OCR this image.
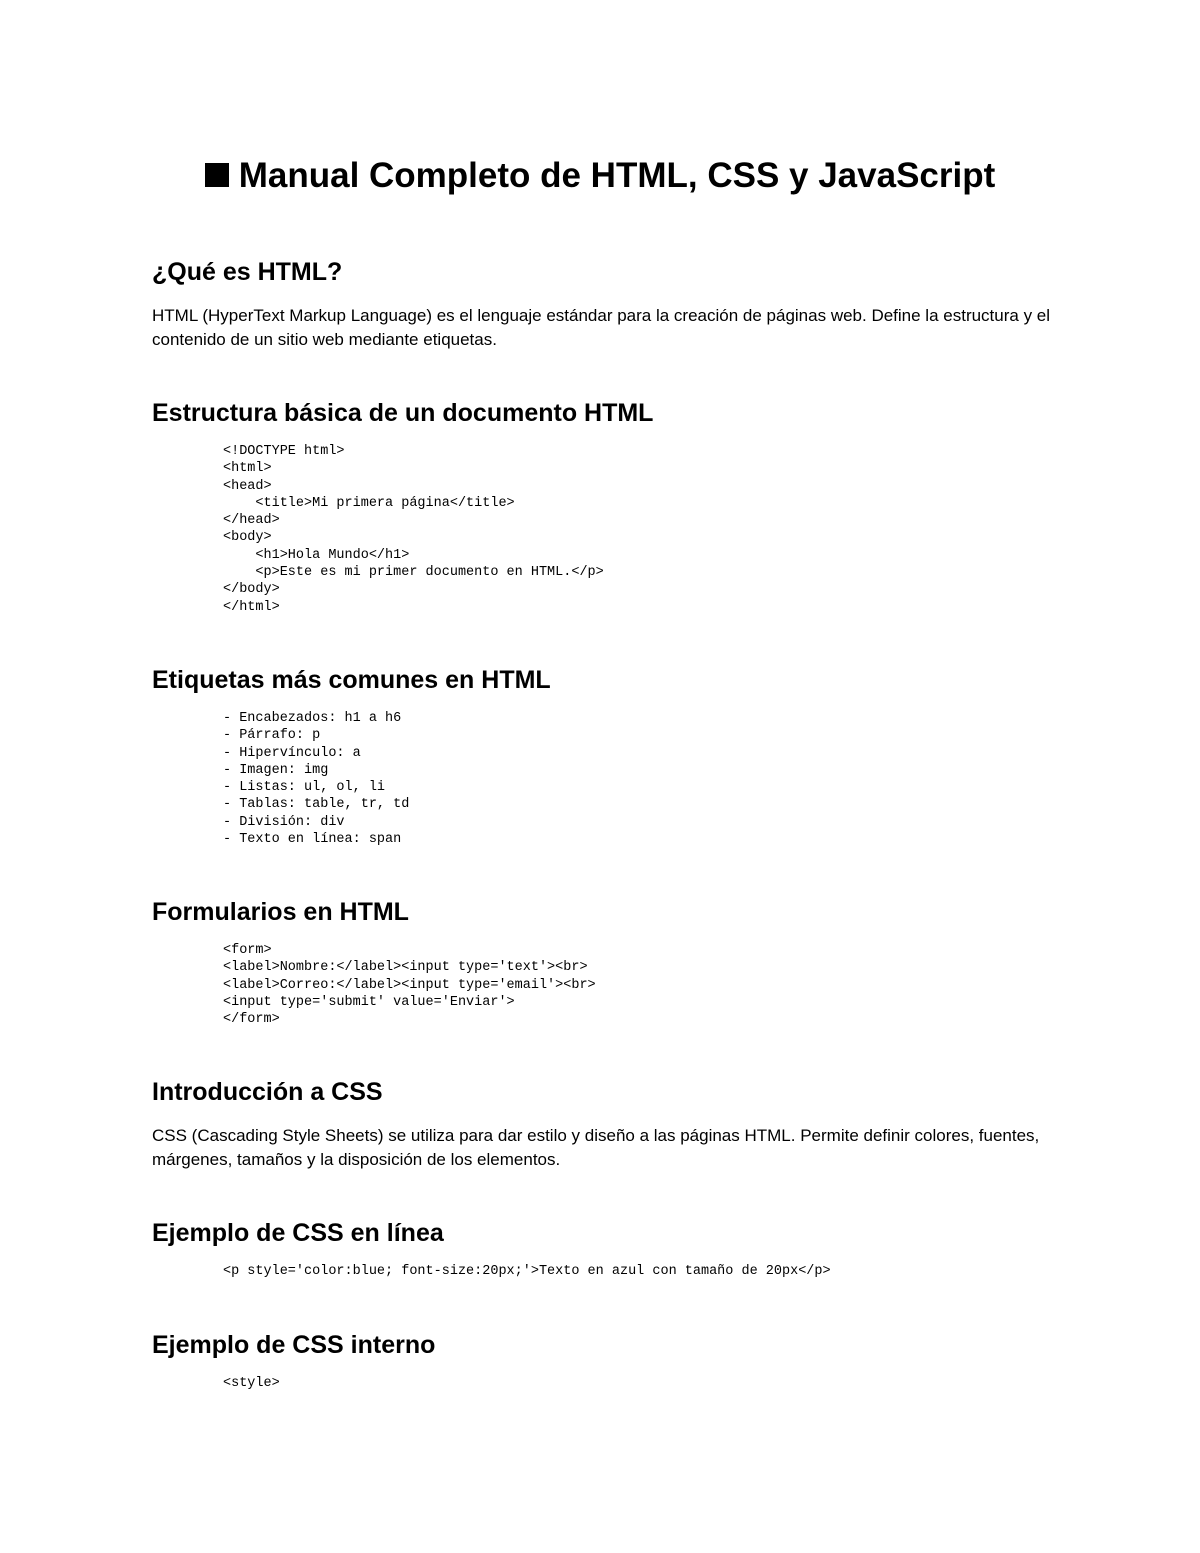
Manual Completo de HTML, CSS y JavaScript
¿Qué es HTML?

HTML (HyperText Markup Language) es el lenguaje estándar para la creación de páginas web. Define la estructura y el contenido de un sitio web mediante etiquetas.

Estructura básica de un documento HTML
<!DOCTYPE html>
<html>
<head>
<title>Mi primera página</title>
</head>
<body>
<h1>Hola Mundo</h1>
<p>Este es mi primer documento en HTML.</p>
</body>
</html>
Etiquetas más comunes en HTML
- Encabezados: h1 a h6
- Párrafo: p
- Hipervínculo: a
- Imagen: img
- Listas: ul, ol, li
- Tablas: table, tr, td
- División: div
- Texto en línea: span
Formularios en HTML
<form>
<label>Nombre:</label><input type='text'><br>
<label>Correo:</label><input type='email'><br>
<input type='submit' value='Enviar'>
</form>
Introducción a CSS

CSS (Cascading Style Sheets) se utiliza para dar estilo y diseño a las páginas HTML. Permite definir colores, fuentes, márgenes, tamaños y la disposición de los elementos.

Ejemplo de CSS en línea
<p style='color:blue; font-size:20px;'>Texto en azul con tamaño de 20px</p>
Ejemplo de CSS interno
<style>
